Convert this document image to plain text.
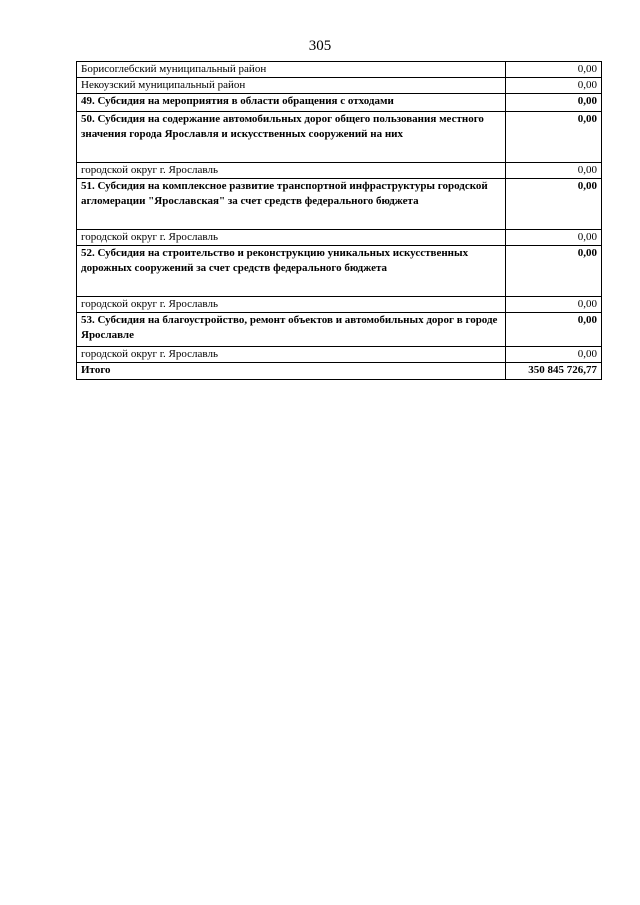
305
Борисоглебский муниципальный район	0,00
Некоузский муниципальный район	0,00
49. Субсидия на мероприятия в области обращения с отходами	0,00
50. Субсидия на содержание автомобильных дорог общего пользования местного значения города Ярославля и искусственных сооружений на них	0,00
городской округ г. Ярославль	0,00
51. Субсидия на комплексное развитие транспортной инфраструктуры городской агломерации "Ярославская" за счет средств федерального бюджета	0,00
городской округ г. Ярославль	0,00
52. Субсидия на строительство и реконструкцию уникальных искусственных дорожных сооружений за счет средств федерального бюджета	0,00
городской округ г. Ярославль	0,00
53. Субсидия на благоустройство, ремонт объектов и автомобильных дорог в городе Ярославле	0,00
городской округ г. Ярославль	0,00
Итого	350 845 726,77
